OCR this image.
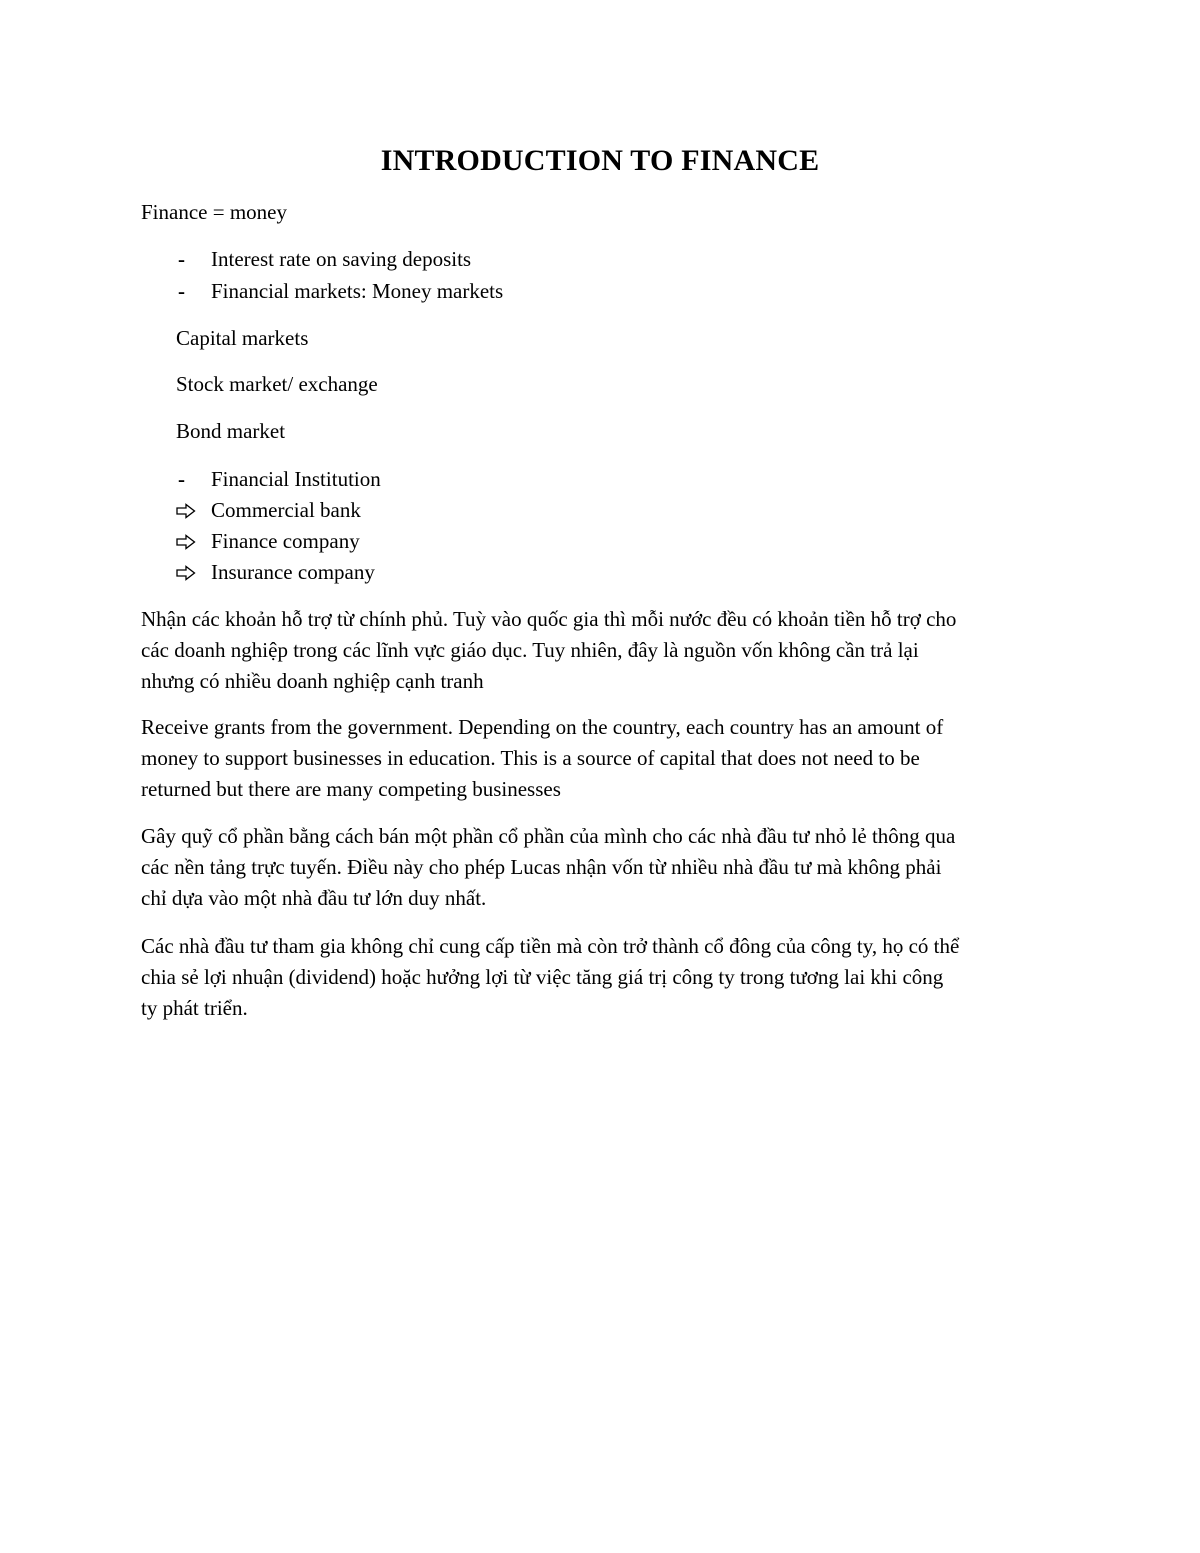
INTRODUCTION TO FINANCE
Finance = money
- Interest rate on saving deposits
- Financial markets: Money markets
Capital markets
Stock market/ exchange
Bond market
- Financial Institution
Commercial bank
Finance company
Insurance company

Nhận các khoản hỗ trợ từ chính phủ. Tuỳ vào quốc gia thì mỗi nước đều có khoản tiền hỗ trợ cho

các doanh nghiệp trong các lĩnh vực giáo dục. Tuy nhiên, đây là nguồn vốn không cần trả lại

nhưng có nhiều doanh nghiệp cạnh tranh

Receive grants from the government. Depending on the country, each country has an amount of

money to support businesses in education. This is a source of capital that does not need to be

returned but there are many competing businesses

Gây quỹ cổ phần bằng cách bán một phần cổ phần của mình cho các nhà đầu tư nhỏ lẻ thông qua

các nền tảng trực tuyến. Điều này cho phép Lucas nhận vốn từ nhiều nhà đầu tư mà không phải

chỉ dựa vào một nhà đầu tư lớn duy nhất.

Các nhà đầu tư tham gia không chỉ cung cấp tiền mà còn trở thành cổ đông của công ty, họ có thể

chia sẻ lợi nhuận (dividend) hoặc hưởng lợi từ việc tăng giá trị công ty trong tương lai khi công

ty phát triển.
